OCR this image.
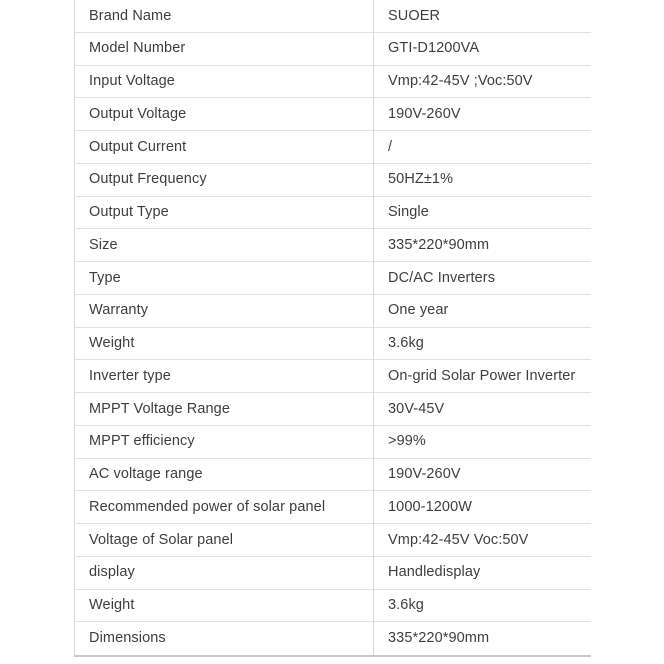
Brand Name	SUOER
Model Number	GTI-D1200VA
Input Voltage	Vmp:42-45V ;Voc:50V
Output Voltage	190V-260V
Output Current	/
Output Frequency	50HZ±1%
Output Type	Single
Size	335*220*90mm
Type	DC/AC Inverters
Warranty	One year
Weight	3.6kg
Inverter type	On-grid Solar Power Inverter
MPPT Voltage Range	30V-45V
MPPT efficiency	>99%
AC voltage range	190V-260V
Recommended power of solar panel	1000-1200W
Voltage of Solar panel	Vmp:42-45V Voc:50V
display	Handledisplay
Weight	3.6kg
Dimensions	335*220*90mm
